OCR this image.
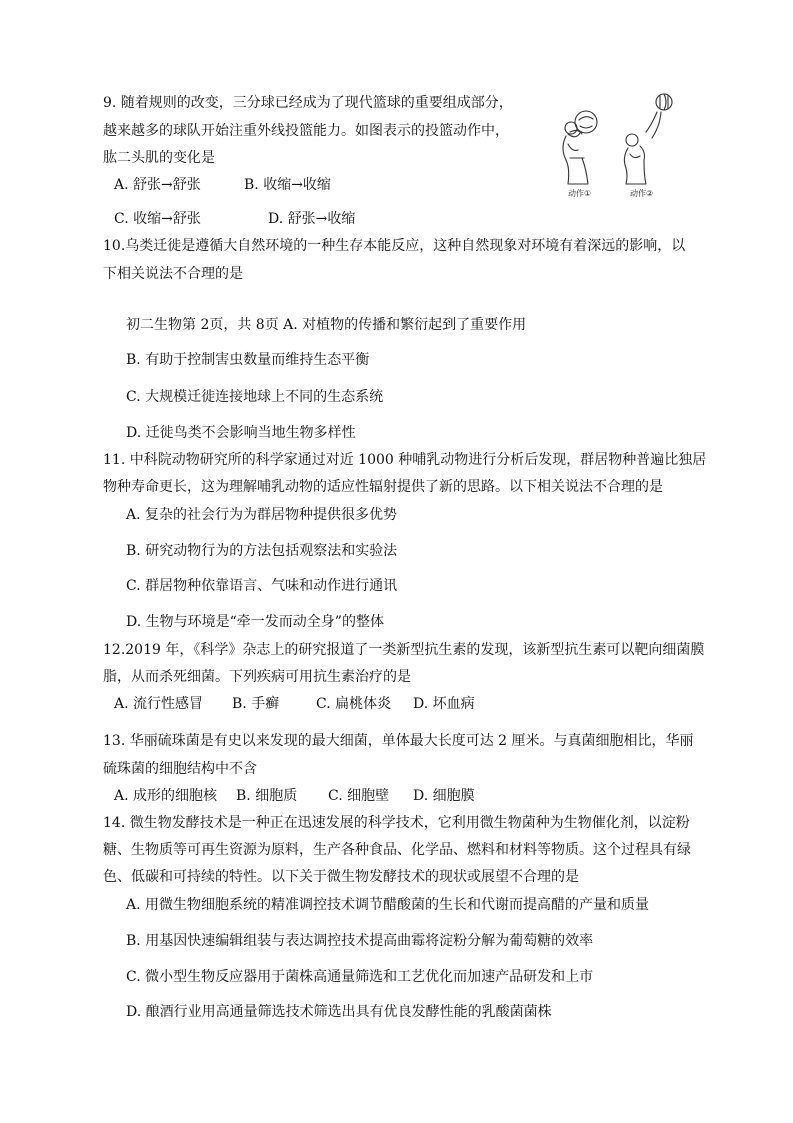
9. 随着规则的改变，三分球已经成为了现代篮球的重要组成部分，
越来越多的球队开始注重外线投篮能力。如图表示的投篮动作中，
肱二头肌的变化是
A. 舒张→舒张	B. 收缩→收缩
C. 收缩→舒张	D. 舒张→收缩
动作①	动作②
10.乌类迁徙是遵循大自然环境的一种生存本能反应，这种自然现象对环境有着深远的影响，以
下相关说法不合理的是
初二生物第 2页，共 8页 A. 对植物的传播和繁衍起到了重要作用
B. 有助于控制害虫数量而维持生态平衡
C. 大规模迁徙连接地球上不同的生态系统
D. 迁徙鸟类不会影响当地生物多样性
11. 中科院动物研究所的科学家通过对近 1000 种哺乳动物进行分析后发现，群居物种普遍比独居
物种寿命更长，这为理解哺乳动物的适应性辐射提供了新的思路。以下相关说法不合理的是
A. 复杂的社会行为为群居物种提供很多优势
B. 研究动物行为的方法包括观察法和实验法
C. 群居物种依靠语言、气味和动作进行通讯
D. 生物与环境是“牵一发而动全身”的整体
12.2019 年，《科学》杂志上的研究报道了一类新型抗生素的发现，该新型抗生素可以靶向细菌膜
脂，从而杀死细菌。下列疾病可用抗生素治疗的是
A. 流行性感冒 B. 手癣	C. 扁桃体炎 D. 坏血病
13. 华丽硫珠菌是有史以来发现的最大细菌，单体最大长度可达 2 厘米。与真菌细胞相比，华丽
硫珠菌的细胞结构中不含
A. 成形的细胞核 B. 细胞质 C. 细胞壁 D. 细胞膜
14. 微生物发酵技术是一种正在迅速发展的科学技术，它利用微生物菌种为生物催化剂，以淀粉
糖、生物质等可再生资源为原料，生产各种食品、化学品、燃料和材料等物质。这个过程具有绿
色、低碳和可持续的特性。以下关于微生物发酵技术的现状或展望不合理的是
A. 用微生物细胞系统的精准调控技术调节醋酸菌的生长和代谢而提高醋的产量和质量
B. 用基因快速编辑组装与表达调控技术提高曲霉将淀粉分解为葡萄糖的效率
C. 微小型生物反应器用于菌株高通量筛选和工艺优化而加速产品研发和上市
D. 酿酒行业用高通量筛选技术筛选出具有优良发酵性能的乳酸菌菌株
